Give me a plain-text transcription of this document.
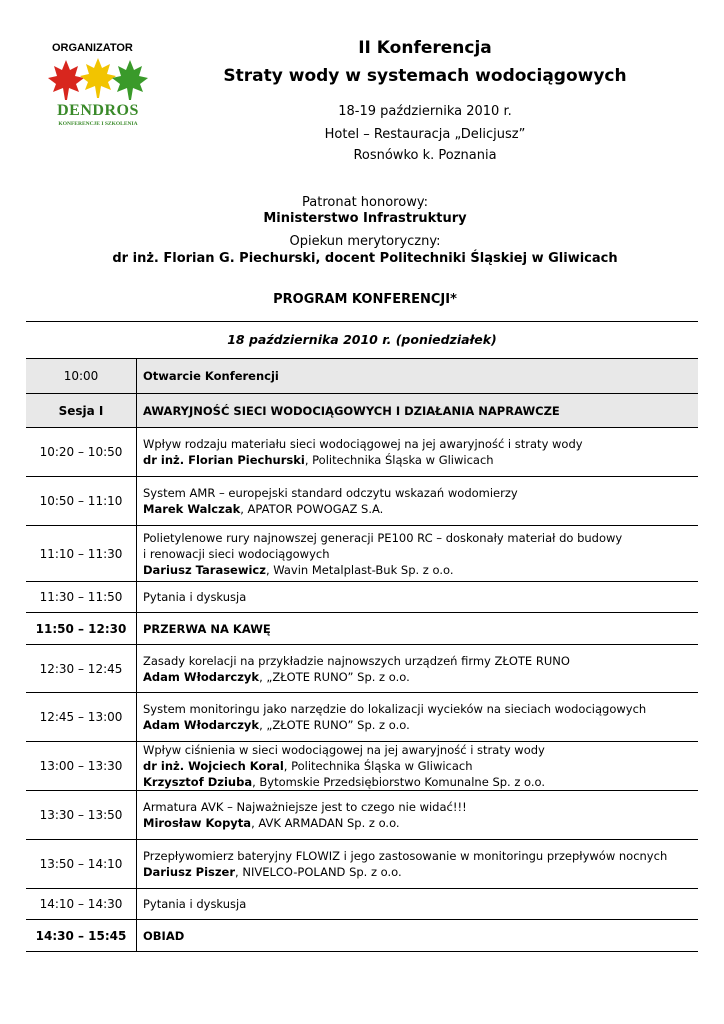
ORGANIZATOR
DENDROS
KONFERENCJE I SZKOLENIA
II Konferencja
Straty wody w systemach wodociągowych
18-19 października 2010 r.
Hotel – Restauracja „Delicjusz”
Rosnówko k. Poznania
Patronat honorowy:
Ministerstwo Infrastruktury
Opiekun merytoryczny:
dr inż. Florian G. Piechurski, docent Politechniki Śląskiej w Gliwicach
PROGRAM KONFERENCJI*
18 października 2010 r. (poniedziałek)
10:00	Otwarcie Konferencji

Sesja I	AWARYJNOŚĆ SIECI WODOCIĄGOWYCH I DZIAŁANIA NAPRAWCZE

10:20 – 10:50	Wpływ rodzaju materiału sieci wodociągowej na jej awaryjność i straty wody
dr inż. Florian Piechurski, Politechnika Śląska w Gliwicach

10:50 – 11:10	System AMR – europejski standard odczytu wskazań wodomierzy
Marek Walczak, APATOR POWOGAZ S.A.

11:10 – 11:30	Polietylenowe rury najnowszej generacji PE100 RC – doskonały materiał do budowy
i renowacji sieci wodociągowych
Dariusz Tarasewicz, Wavin Metalplast-Buk Sp. z o.o.

11:30 – 11:50	Pytania i dyskusja

11:50 – 12:30	PRZERWA NA KAWĘ

12:30 – 12:45	Zasady korelacji na przykładzie najnowszych urządzeń firmy ZŁOTE RUNO
Adam Włodarczyk, „ZŁOTE RUNO” Sp. z o.o.

12:45 – 13:00	System monitoringu jako narzędzie do lokalizacji wycieków na sieciach wodociągowych
Adam Włodarczyk, „ZŁOTE RUNO” Sp. z o.o.

13:00 – 13:30	Wpływ ciśnienia w sieci wodociągowej na jej awaryjność i straty wody
dr inż. Wojciech Koral, Politechnika Śląska w Gliwicach
Krzysztof Dziuba, Bytomskie Przedsiębiorstwo Komunalne Sp. z o.o.

13:30 – 13:50	Armatura AVK – Najważniejsze jest to czego nie widać!!!
Mirosław Kopyta, AVK ARMADAN Sp. z o.o.

13:50 – 14:10	Przepływomierz bateryjny FLOWIZ i jego zastosowanie w monitoringu przepływów nocnych
Dariusz Piszer, NIVELCO-POLAND Sp. z o.o.

14:10 – 14:30	Pytania i dyskusja

14:30 – 15:45	OBIAD
